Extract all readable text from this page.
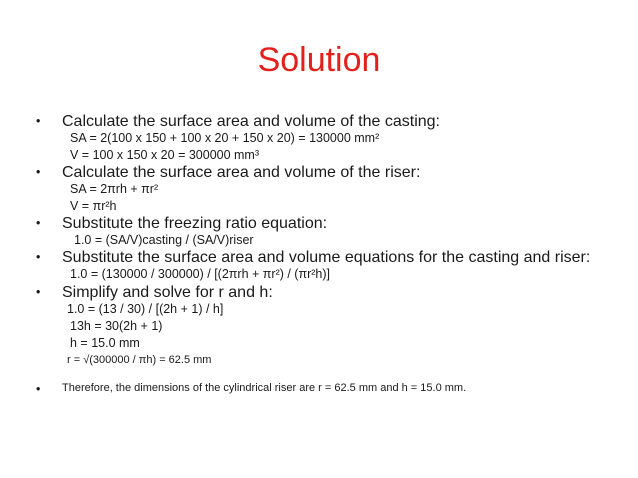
Solution
• Calculate the surface area and volume of the casting:
SA = 2(100 x 150 + 100 x 20 + 150 x 20) = 130000 mm²
V = 100 x 150 x 20 = 300000 mm³
• Calculate the surface area and volume of the riser:
SA = 2πrh + πr²
V = πr²h
• Substitute the freezing ratio equation:
1.0 = (SA/V)casting / (SA/V)riser
• Substitute the surface area and volume equations for the casting and riser:
1.0 = (130000 / 300000) / [(2πrh + πr²) / (πr²h)]
• Simplify and solve for r and h:
1.0 = (13 / 30) / [(2h + 1) / h]
13h = 30(2h + 1)
h = 15.0 mm
r = √(300000 / πh) = 62.5 mm
• Therefore, the dimensions of the cylindrical riser are r = 62.5 mm and h = 15.0 mm.
